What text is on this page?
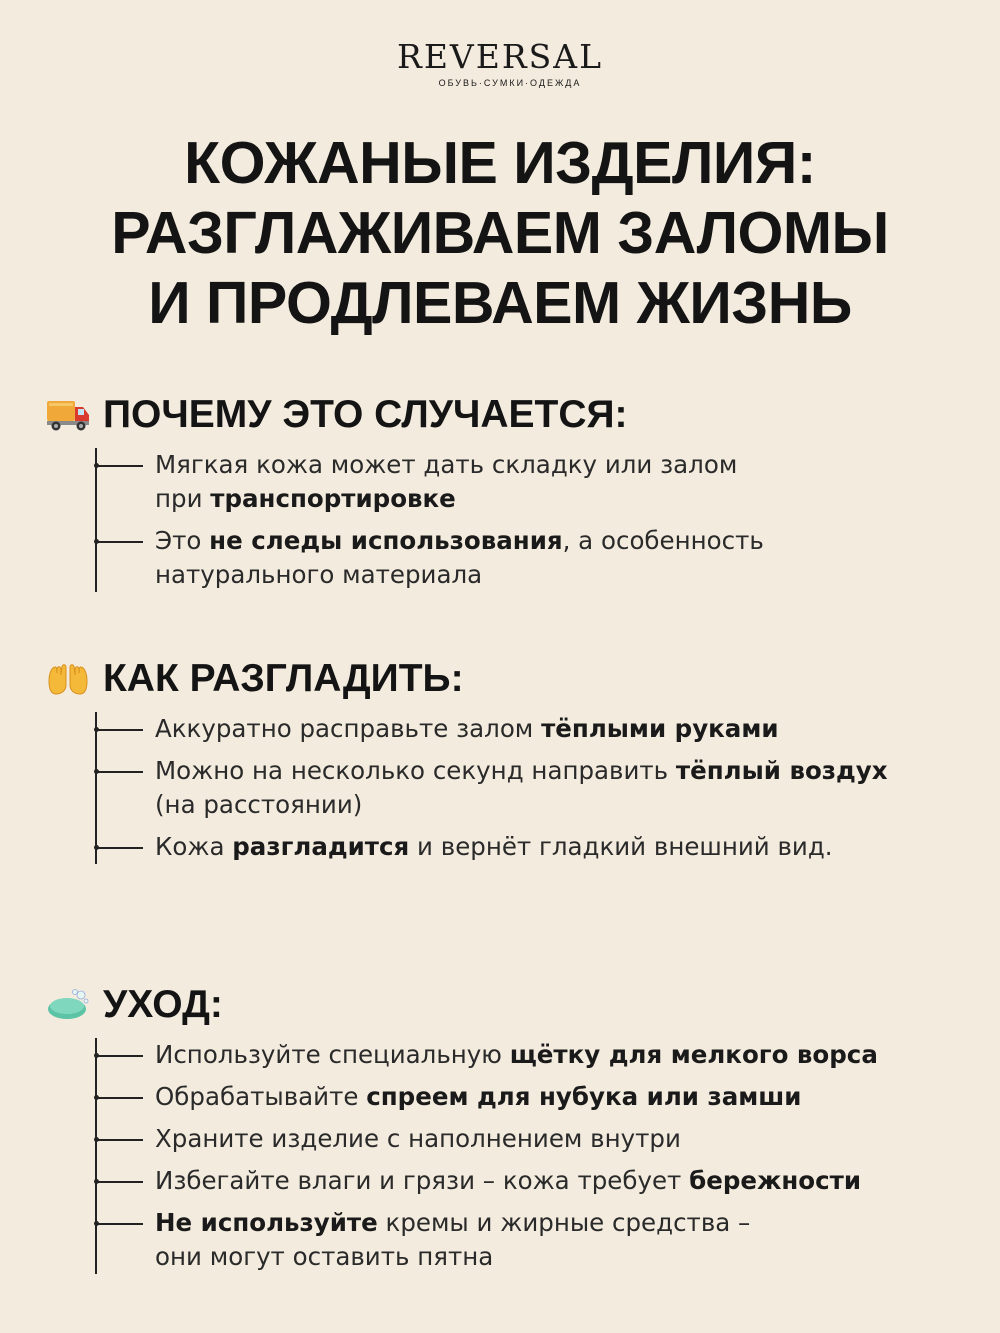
REVERSAL
ОБУВЬ·СУМКИ·ОДЕЖДА
КОЖАНЫЕ ИЗДЕЛИЯ:
РАЗГЛАЖИВАЕМ ЗАЛОМЫ
И ПРОДЛЕВАЕМ ЖИЗНЬ
ПОЧЕМУ ЭТО СЛУЧАЕТСЯ:
Мягкая кожа может дать складку или залом
при транспортировке
Это не следы использования, а особенность
натурального материала
КАК РАЗГЛАДИТЬ:
Аккуратно расправьте залом тёплыми руками
Можно на несколько секунд направить тёплый воздух
(на расстоянии)
Кожа разгладится и вернёт гладкий внешний вид.
УХОД:
Используйте специальную щётку для мелкого ворса
Обрабатывайте спреем для нубука или замши
Храните изделие с наполнением внутри
Избегайте влаги и грязи – кожа требует бережности
Не используйте кремы и жирные средства –
они могут оставить пятна
